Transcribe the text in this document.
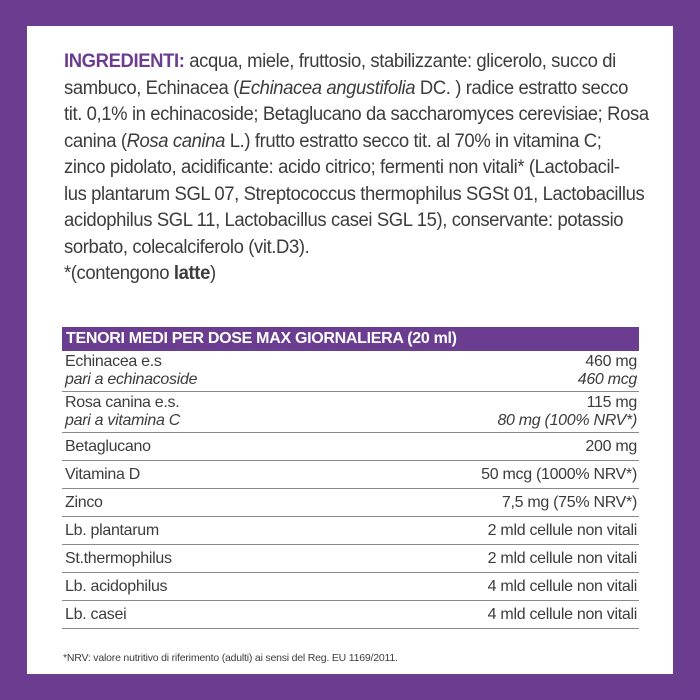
INGREDIENTI: acqua, miele, fruttosio, stabilizzante: glicerolo, succo di
sambuco, Echinacea (Echinacea angustifolia DC. ) radice estratto secco
tit. 0,1% in echinacoside; Betaglucano da saccharomyces cerevisiae; Rosa
canina (Rosa canina L.) frutto estratto secco tit. al 70% in vitamina C;
zinco pidolato, acidificante: acido citrico; fermenti non vitali* (Lactobacil-
lus plantarum SGL 07, Streptococcus thermophilus SGSt 01, Lactobacillus
acidophilus SGL 11, Lactobacillus casei SGL 15), conservante: potassio
sorbato, colecalciferolo (vit.D3).
*(contengono latte)
TENORI MEDI PER DOSE MAX GIORNALIERA (20 ml)
Echinacea e.s	460 mg
pari a echinacoside	460 mcg
Rosa canina e.s.	115 mg
pari a vitamina C	80 mg (100% NRV*)
Betaglucano	200 mg
Vitamina D	50 mcg (1000% NRV*)
Zinco	7,5 mg (75% NRV*)
Lb. plantarum	2 mld cellule non vitali
St.thermophilus	2 mld cellule non vitali
Lb. acidophilus	4 mld cellule non vitali
Lb. casei	4 mld cellule non vitali
*NRV: valore nutritivo di riferimento (adulti) ai sensi del Reg. EU 1169/2011.
